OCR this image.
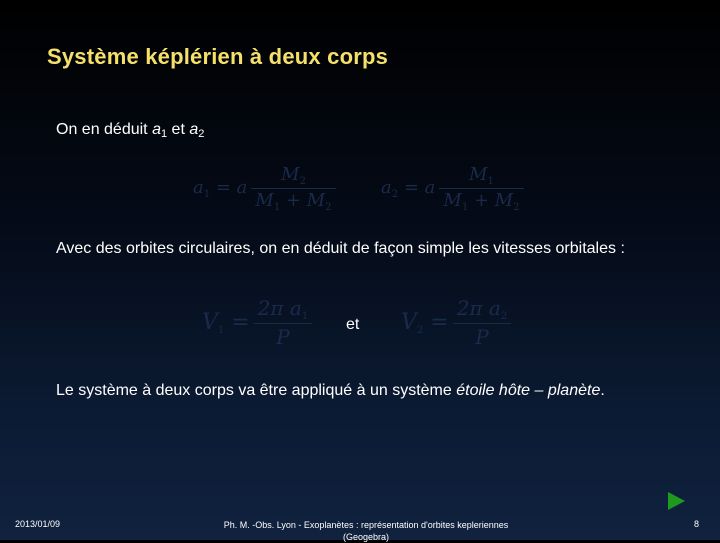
Système képlérien à deux corps
On en déduit $a_1$ et $a_2$
$a_1 = a \frac{M_2}{M_1 + M_2}$	$a_2 = a \frac{M_1}{M_1 + M_2}$
Avec des orbites circulaires, on en déduit de façon simple les vitesses orbitales :
$V_1 = \frac{2\pi a_1}{P}$ et $V_2 = \frac{2\pi a_2}{P}$
Le système à deux corps va être appliqué à un système étoile hôte – planète.
2013/01/09	Ph. M. -Obs. Lyon - Exoplanètes : représentation d'orbites kepleriennes
(Geogebra)
8
